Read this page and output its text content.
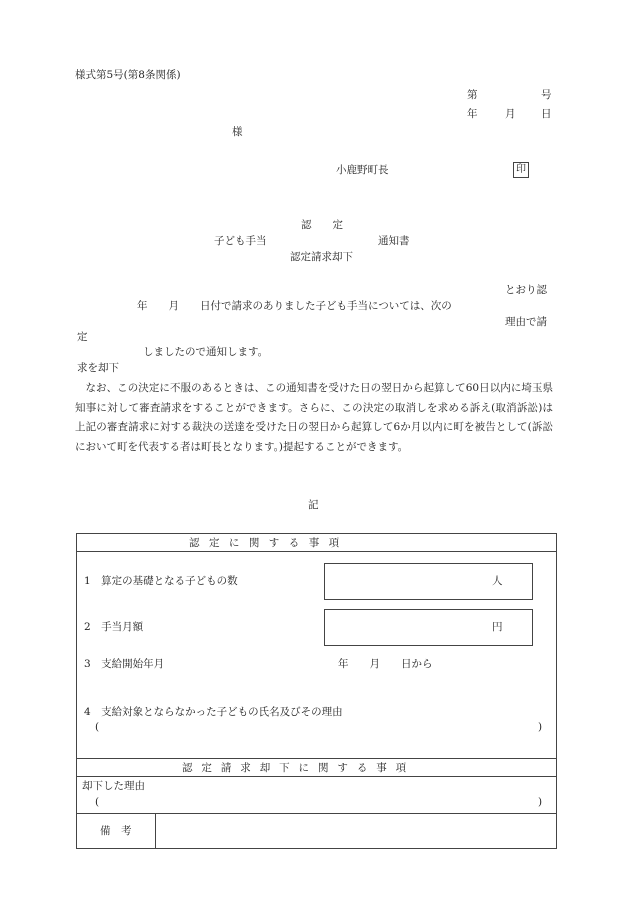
様式第5号(第8条関係)
第	号
年	月 日
様
小鹿野町長	印
認　　定
子ども手当	通知書
認定請求却下
とおり認
年　　月　　日付で請求のありました子ども手当については、次の
理由で請
定
しましたので通知します。
求を却下
なお、この決定に不服のあるときは、この通知書を受けた日の翌日から起算して60日以内に埼玉県知事に対して審査請求をすることができます。さらに、この決定の取消しを求める訴え(取消訴訟)は上記の審査請求に対する裁決の送達を受けた日の翌日から起算して6か月以内に町を被告として(訴訟において町を代表する者は町長となります。)提起することができます。
記
認定に関する事項
1　算定の基礎となる子どもの数	人
2　手当月額	円
3　支給開始年月	年　　月　　日から
4　支給対象とならなかった子どもの氏名及びその理由
(	)
認定請求却下に関する事項
却下した理由
(	)
備　考
